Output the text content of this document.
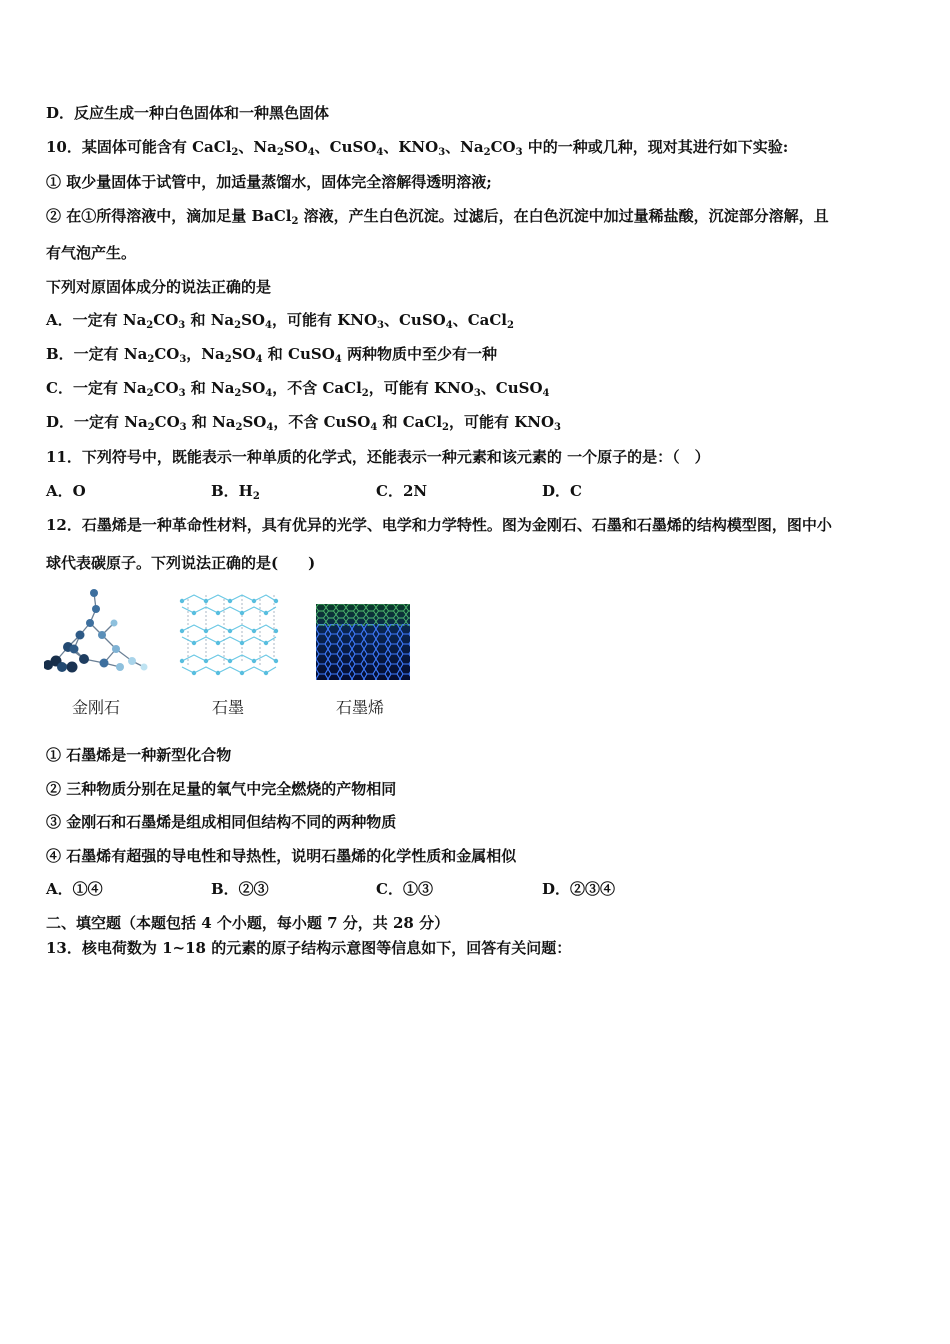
D．反应生成一种白色固体和一种黑色固体
10．某固体可能含有 CaCl$_2$、$Na_2SO_4$、CuSO$_4$、$KNO_3$、$Na_2CO_3$ 中的一种或几种，现对其进行如下实验:
① 取少量固体于试管中，加适量蒸馏水，固体完全溶解得透明溶液;
② 在①所得溶液中，滴加足量 BaCl$_2$ 溶液，产生白色沉淀。过滤后，在白色沉淀中加过量稀盐酸，沉淀部分溶解，且
有气泡产生。
下列对原固体成分的说法正确的是
A．一定有 $Na_2CO_3$ 和 $Na_2SO_4$，可能有 $KNO_3$、CuSO$_4$、CaCl$_2$
B．一定有 $Na_2CO_3$，$Na_2SO_4$ 和 CuSO$_4$ 两种物质中至少有一种
C．一定有 $Na_2CO_3$ 和 $Na_2SO_4$，不含 CaCl$_2$，可能有 $KNO_3$、CuSO$_4$
D．一定有 $Na_2CO_3$ 和 $Na_2SO_4$，不含 CuSO$_4$ 和 CaCl$_2$，可能有 $KNO_3$
11．下列符号中，既能表示一种单质的化学式，还能表示一种元素和该元素的 一个原子的是：（　）
A．O	B．$H_2$	C．2N	D．C
12．石墨烯是一种革命性材料，具有优异的光学、电学和力学特性。图为金刚石、石墨和石墨烯的结构模型图，图中小
球代表碳原子。下列说法正确的是(　　)
金刚石	石墨	石墨烯
① 石墨烯是一种新型化合物
② 三种物质分别在足量的氧气中完全燃烧的产物相同
③ 金刚石和石墨烯是组成相同但结构不同的两种物质
④ 石墨烯有超强的导电性和导热性，说明石墨烯的化学性质和金属相似
A．①④	B．②③	C．①③	D．②③④
二、填空题（本题包括 4 个小题，每小题 7 分，共 28 分）
13．核电荷数为 1~18 的元素的原子结构示意图等信息如下，回答有关问题：
